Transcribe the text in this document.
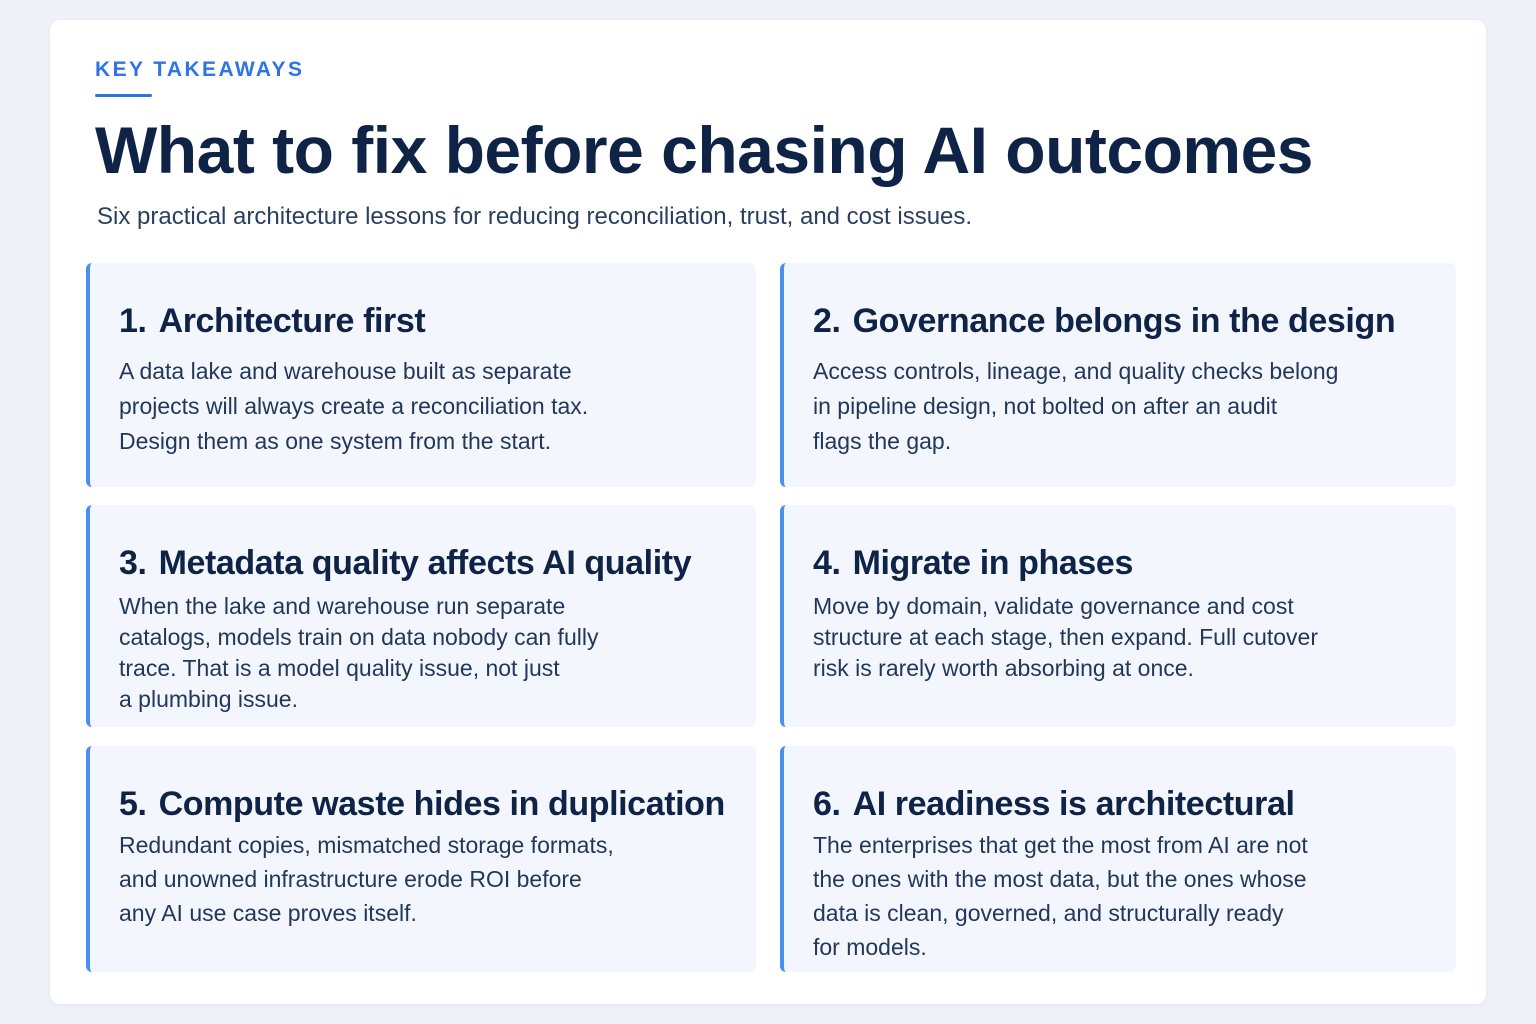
KEY TAKEAWAYS
What to fix before chasing AI outcomes
Six practical architecture lessons for reducing reconciliation, trust, and cost issues.
1. Architecture first
A data lake and warehouse built as separate
projects will always create a reconciliation tax.
Design them as one system from the start.
2. Governance belongs in the design
Access controls, lineage, and quality checks belong
in pipeline design, not bolted on after an audit
flags the gap.
3. Metadata quality affects AI quality
When the lake and warehouse run separate
catalogs, models train on data nobody can fully
trace. That is a model quality issue, not just
a plumbing issue.
4. Migrate in phases
Move by domain, validate governance and cost
structure at each stage, then expand. Full cutover
risk is rarely worth absorbing at once.
5. Compute waste hides in duplication
Redundant copies, mismatched storage formats,
and unowned infrastructure erode ROI before
any AI use case proves itself.
6. AI readiness is architectural
The enterprises that get the most from AI are not
the ones with the most data, but the ones whose
data is clean, governed, and structurally ready
for models.
